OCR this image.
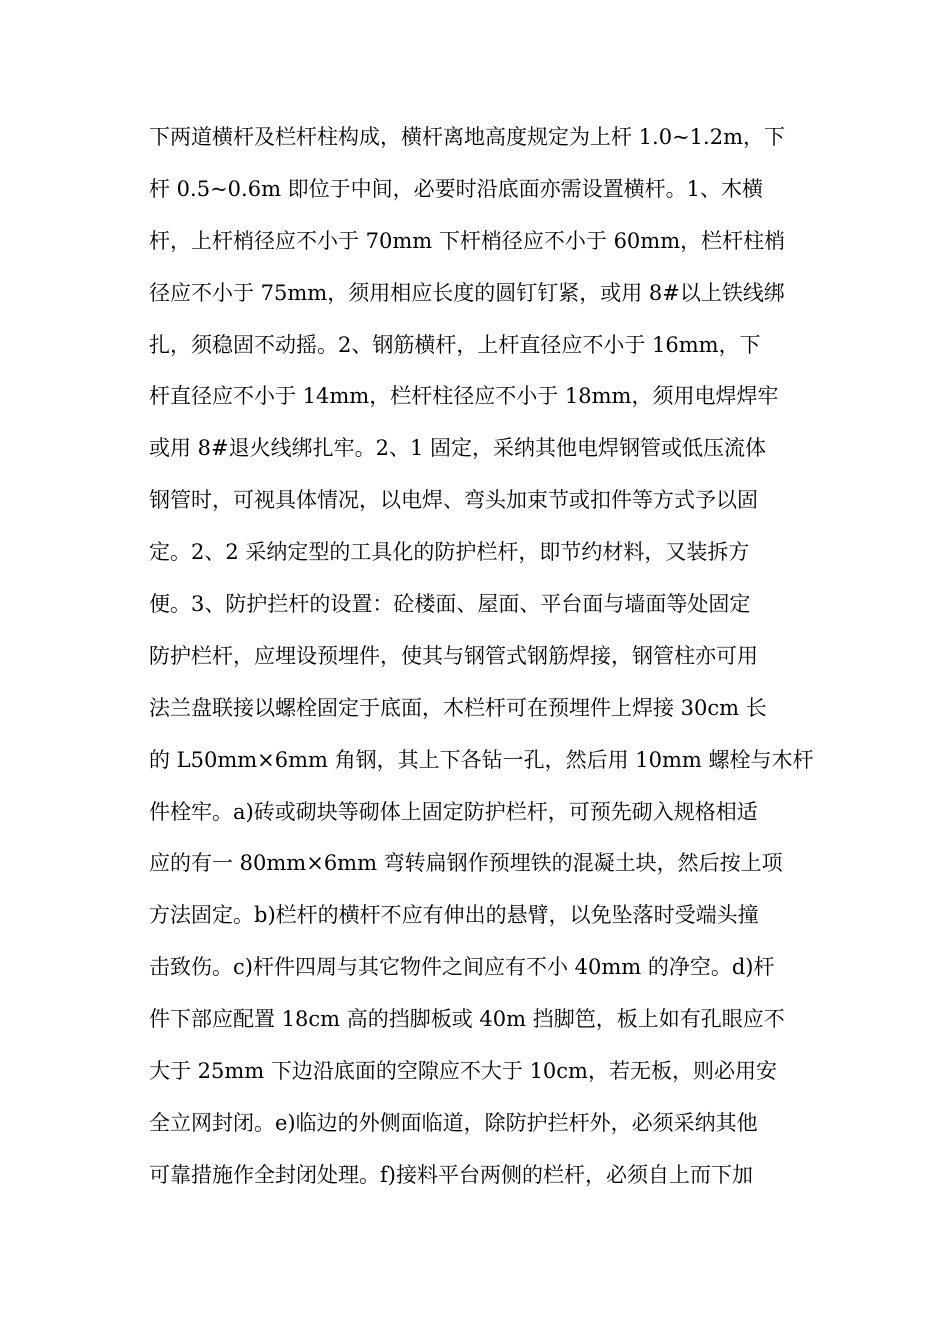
下两道横杆及栏杆柱构成，横杆离地高度规定为上杆 1.0~1.2m，下
杆 0.5~0.6m 即位于中间，必要时沿底面亦需设置横杆。1、木横
杆，上杆梢径应不小于 70mm 下杆梢径应不小于 60mm，栏杆柱梢
径应不小于 75mm，须用相应长度的圆钉钉紧，或用 8#以上铁线绑
扎，须稳固不动摇。2、钢筋横杆，上杆直径应不小于 16mm，下
杆直径应不小于 14mm，栏杆柱径应不小于 18mm，须用电焊焊牢
或用 8#退火线绑扎牢。2、1 固定，采纳其他电焊钢管或低压流体
钢管时，可视具体情况，以电焊、弯头加束节或扣件等方式予以固
定。2、2 采纳定型的工具化的防护栏杆，即节约材料，又装拆方
便。3、防护拦杆的设置：砼楼面、屋面、平台面与墙面等处固定
防护栏杆，应埋设预埋件，使其与钢管式钢筋焊接，钢管柱亦可用
法兰盘联接以螺栓固定于底面，木栏杆可在预埋件上焊接 30cm 长
的 L50mm×6mm 角钢，其上下各钻一孔，然后用 10mm 螺栓与木杆
件栓牢。a)砖或砌块等砌体上固定防护栏杆，可预先砌入规格相适
应的有一 80mm×6mm 弯转扁钢作预埋铁的混凝土块，然后按上项
方法固定。b)栏杆的横杆不应有伸出的悬臂，以免坠落时受端头撞
击致伤。c)杆件四周与其它物件之间应有不小 40mm 的净空。d)杆
件下部应配置 18cm 高的挡脚板或 40m 挡脚笆，板上如有孔眼应不
大于 25mm 下边沿底面的空隙应不大于 10cm，若无板，则必用安
全立网封闭。e)临边的外侧面临道，除防护拦杆外，必须采纳其他
可靠措施作全封闭处理。f)接料平台两侧的栏杆，必须自上而下加
